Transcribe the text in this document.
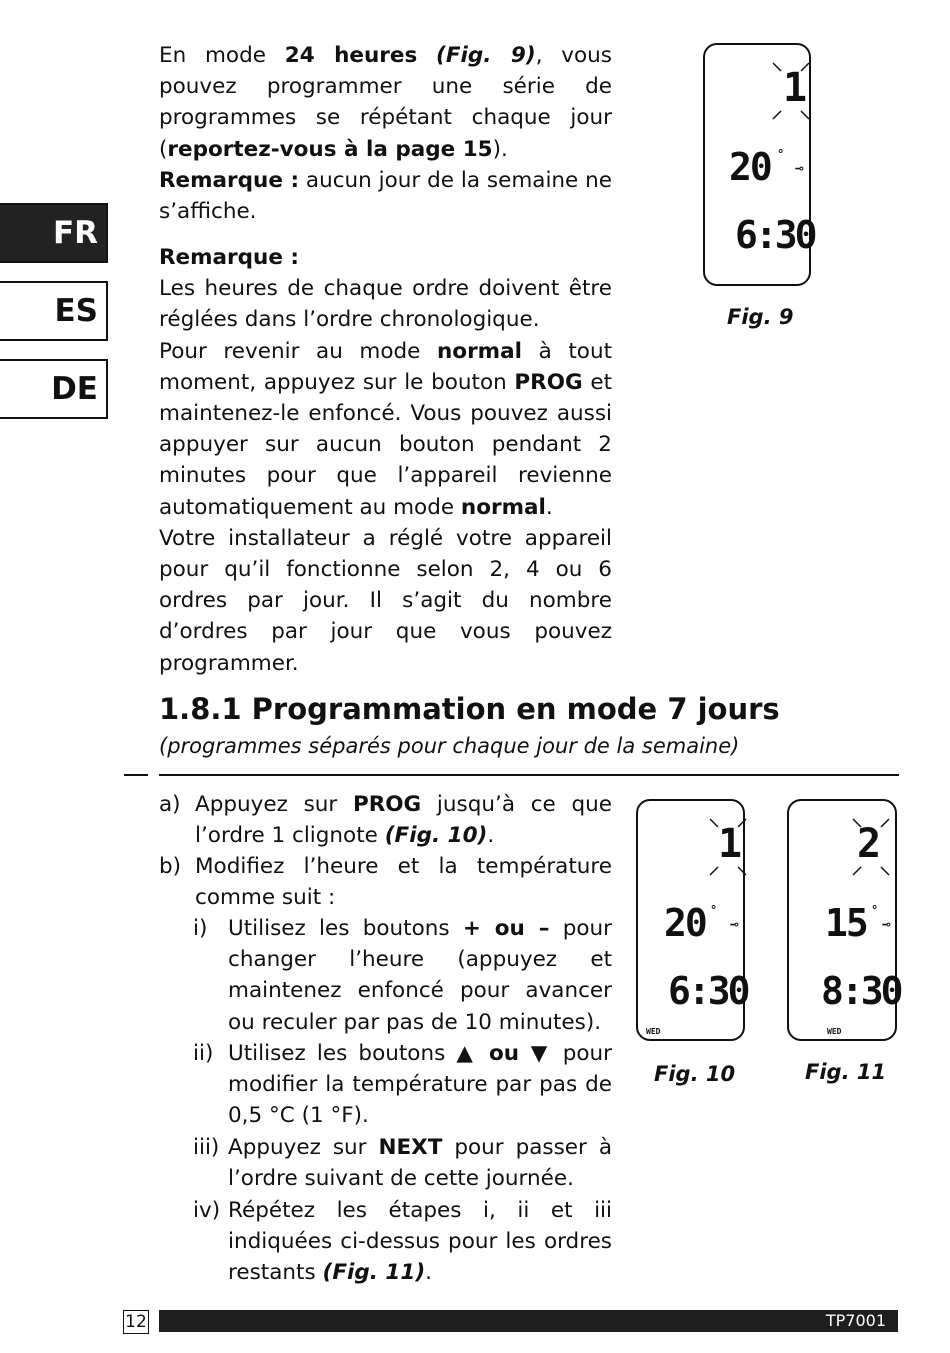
FR
ES
DE

En mode 24 heures (Fig. 9), vous pouvez programmer une série de programmes se répétant chaque jour (reportez-vous à la page 15).
Remarque : aucun jour de la semaine ne s’affiche.

Remarque :
Les heures de chaque ordre doivent être réglées dans l’ordre chronologique.
Pour revenir au mode normal à tout moment, appuyez sur le bouton PROG et maintenez-le enfoncé. Vous pouvez aussi appuyer sur aucun bouton pendant 2 minutes pour que l’appareil revienne automatiquement au mode normal.
Votre installateur a réglé votre appareil pour qu’il fonctionne selon 2, 4 ou 6 ordres par jour. Il s’agit du nombre d’ordres par jour que vous pouvez programmer.

1
20 °
⊸
6:30
Fig. 9
1.8.1 Programmation en mode 7 jours

(programmes séparés pour chaque jour de la semaine)

a) Appuyez sur PROG jusqu’à ce que l’ordre 1 clignote (Fig. 10).
b) Modifiez l’heure et la température comme suit :
i) Utilisez les boutons + ou – pour changer l’heure (appuyez et maintenez enfoncé pour avancer ou reculer par pas de 10 minutes).
ii) Utilisez les boutons ▲ ou ▼ pour modifier la température par pas de 0,5 °C (1 °F).
iii) Appuyez sur NEXT pour passer à l’ordre suivant de cette journée.
iv) Répétez les étapes i, ii et iii indiquées ci-dessus pour les ordres restants (Fig. 11).
1
20 °
⊸
6:30
WED
Fig. 10
2
15 °
⊸
8:30
WED
Fig. 11
12	TP7001
